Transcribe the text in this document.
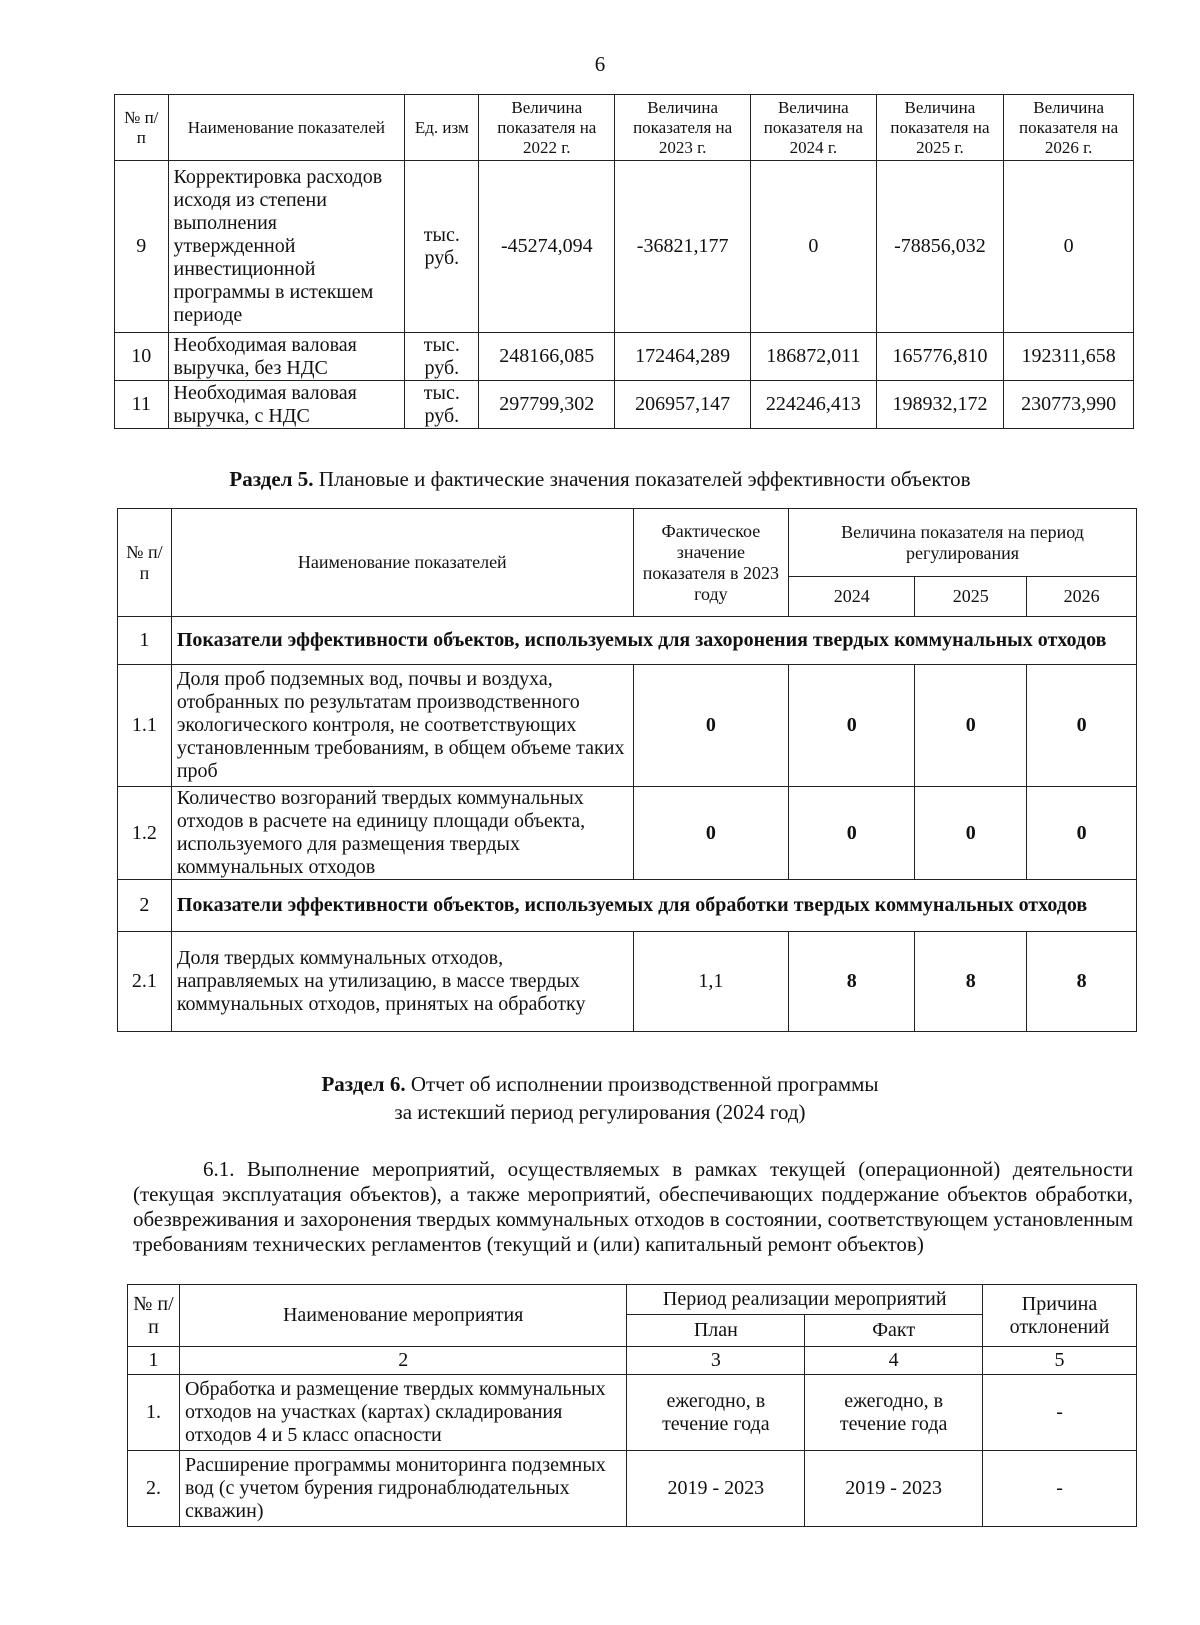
6
№ п/п	Наименование показателей	Ед. изм	Величина показателя на 2022 г.	Величина показателя на 2023 г.	Величина показателя на 2024 г.	Величина показателя на 2025 г.	Величина показателя на 2026 г.
9	Корректировка расходов исходя из степени выполнения утвержденной инвестиционной программы в истекшем периоде	тыс. руб.	-45274,094	-36821,177	0	-78856,032	0
10	Необходимая валовая выручка, без НДС	тыс. руб.	248166,085	172464,289	186872,011	165776,810	192311,658
11	Необходимая валовая выручка, с НДС	тыс. руб.	297799,302	206957,147	224246,413	198932,172	230773,990
Раздел 5. Плановые и фактические значения показателей эффективности объектов
№ п/п	Наименование показателей	Фактическое значение показателя в 2023 году	Величина показателя на период регулирования		
			2024	2025	2026
1	Показатели эффективности объектов, используемых для захоронения твердых коммунальных отходов				
1.1	Доля проб подземных вод, почвы и воздуха, отобранных по результатам производственного экологического контроля, не соответствующих установленным требованиям, в общем объеме таких проб	0	0	0	0
1.2	Количество возгораний твердых коммунальных отходов в расчете на единицу площади объекта, используемого для размещения твердых коммунальных отходов	0	0	0	0
2	Показатели эффективности объектов, используемых для обработки твердых коммунальных отходов				
2.1	Доля твердых коммунальных отходов, направляемых на утилизацию, в массе твердых коммунальных отходов, принятых на обработку	1,1	8	8	8
Раздел 6. Отчет об исполнении производственной программы
за истекший период регулирования (2024 год)
6.1. Выполнение мероприятий, осуществляемых в рамках текущей (операционной) деятельности (текущая эксплуатация объектов), а также мероприятий, обеспечивающих поддержание объектов обработки, обезвреживания и захоронения твердых коммунальных отходов в состоянии, соответствующем установленным требованиям технических регламентов (текущий и (или) капитальный ремонт объектов)
№ п/п	Наименование мероприятия	Период реализации мероприятий		Причина отклонений
		План	Факт	
1	2	3	4	5
1.	Обработка и размещение твердых коммунальных отходов на участках (картах) складирования отходов 4 и 5 класс опасности	ежегодно, в течение года	ежегодно, в течение года	-
2.	Расширение программы мониторинга подземных вод (с учетом бурения гидронаблюдательных скважин)	2019 - 2023	2019 - 2023	-
